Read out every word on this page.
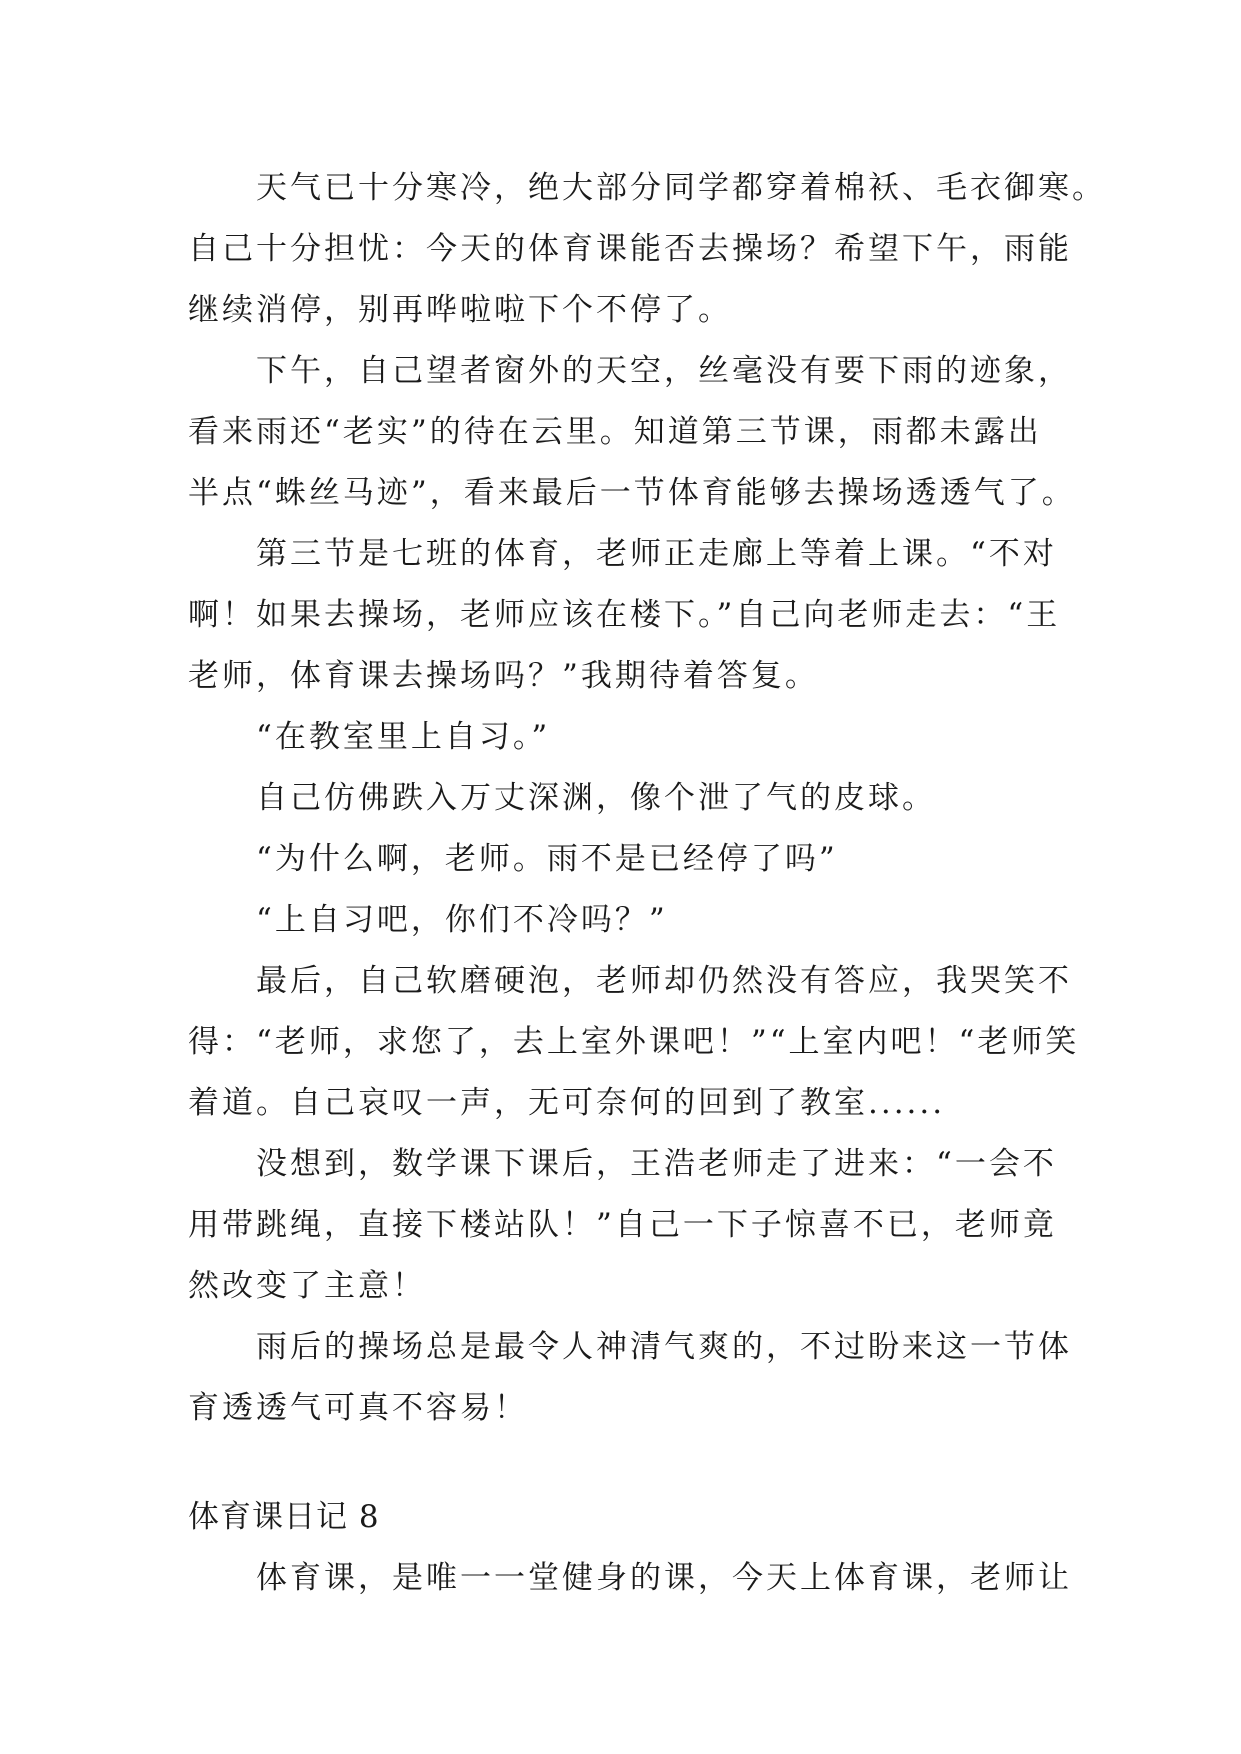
天气已十分寒冷，绝大部分同学都穿着棉袄、毛衣御寒。
自己十分担忧：今天的体育课能否去操场？希望下午，雨能
继续消停，别再哗啦啦下个不停了。
下午，自己望者窗外的天空，丝毫没有要下雨的迹象，
看来雨还“老实”的待在云里。知道第三节课，雨都未露出
半点“蛛丝马迹”，看来最后一节体育能够去操场透透气了。
第三节是七班的体育，老师正走廊上等着上课。“不对
啊！如果去操场，老师应该在楼下。”自己向老师走去：“王
老师，体育课去操场吗？”我期待着答复。
“在教室里上自习。”
自己仿佛跌入万丈深渊，像个泄了气的皮球。
“为什么啊，老师。雨不是已经停了吗”
“上自习吧，你们不冷吗？”
最后，自己软磨硬泡，老师却仍然没有答应，我哭笑不
得：“老师，求您了，去上室外课吧！”“上室内吧！“老师笑
着道。自己哀叹一声，无可奈何的回到了教室......
没想到，数学课下课后，王浩老师走了进来：“一会不
用带跳绳，直接下楼站队！”自己一下子惊喜不已，老师竟
然改变了主意！
雨后的操场总是最令人神清气爽的，不过盼来这一节体
育透透气可真不容易！
体育课日记 8
体育课，是唯一一堂健身的课，今天上体育课，老师让
